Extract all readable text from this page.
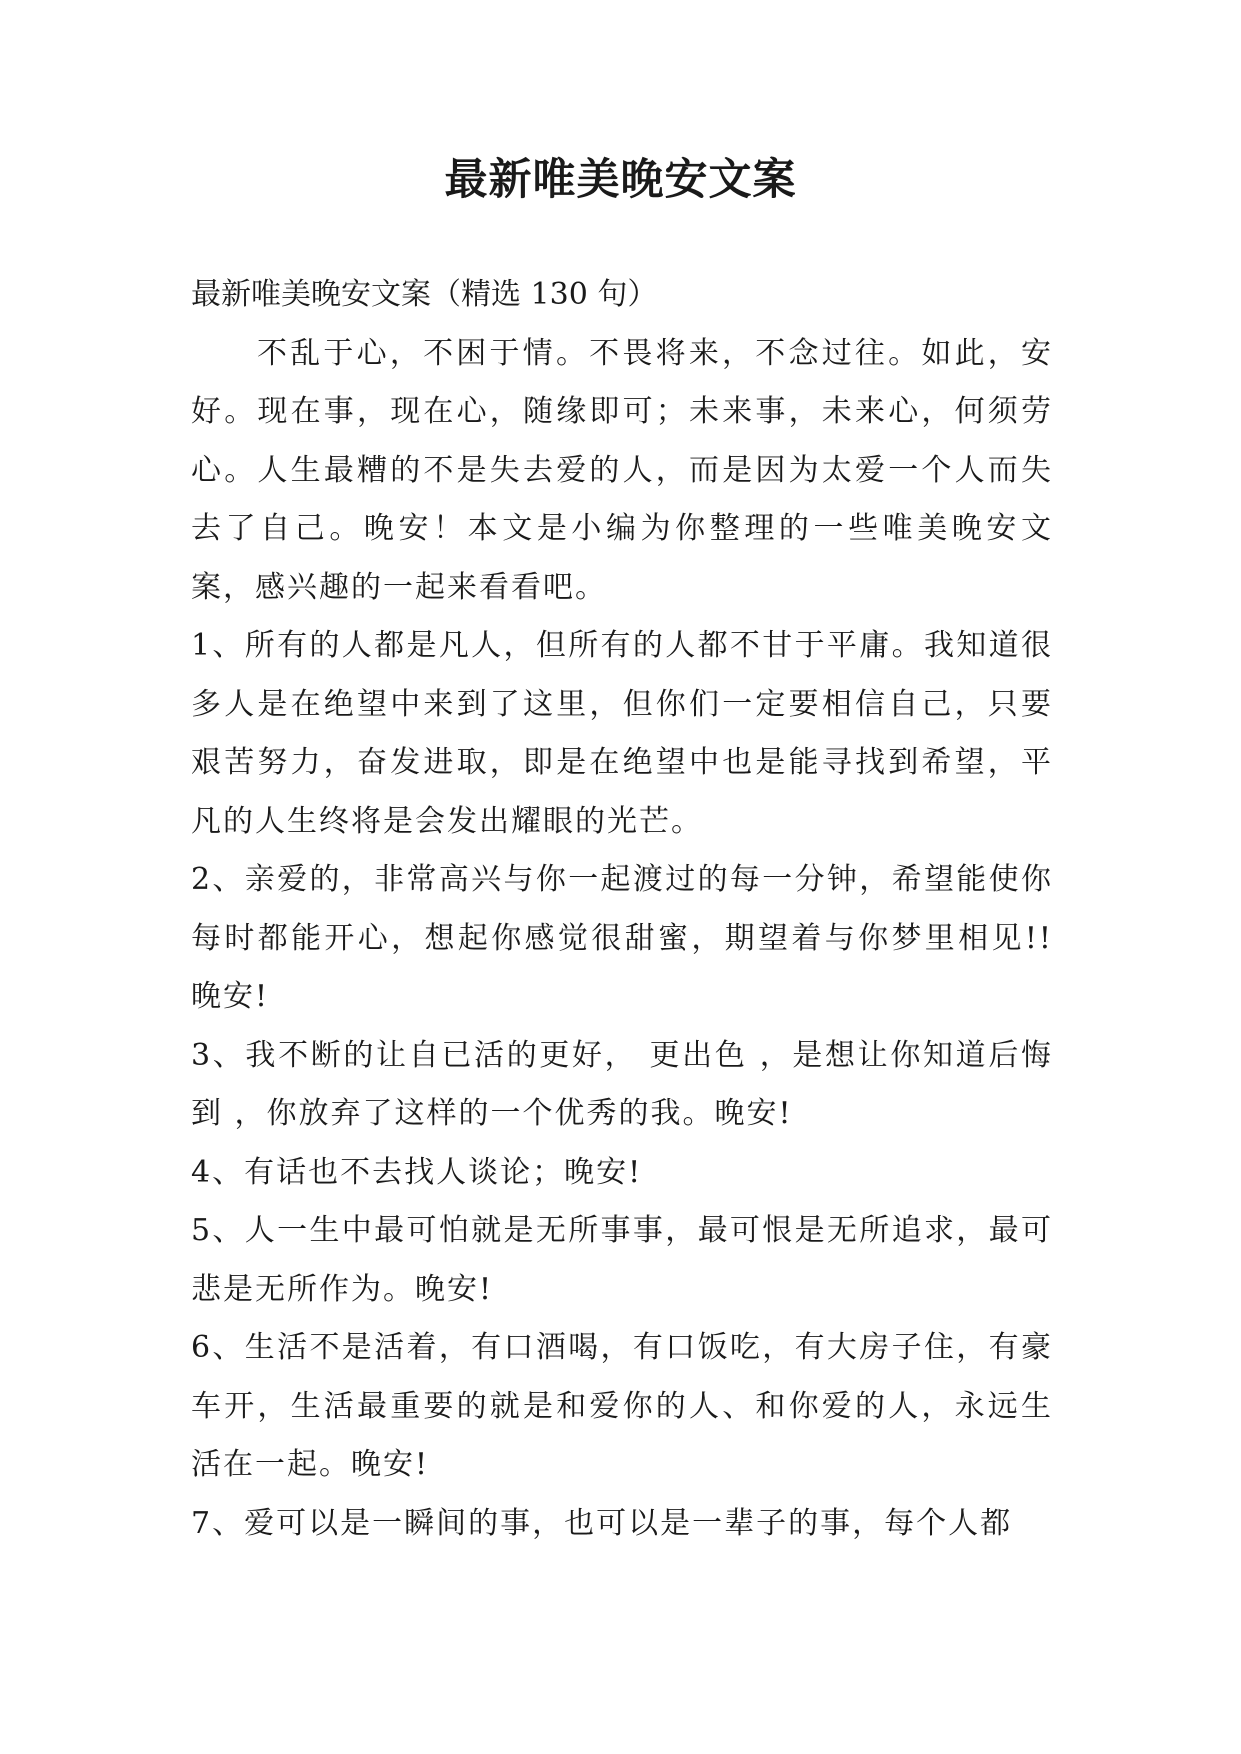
最新唯美晚安文案

最新唯美晚安文案（精选 130 句）

不乱于心，不困于情。不畏将来，不念过往。如此，安好。现在事，现在心，随缘即可；未来事，未来心，何须劳心。人生最糟的不是失去爱的人，而是因为太爱一个人而失去了自己。晚安！本文是小编为你整理的一些唯美晚安文案，感兴趣的一起来看看吧。

1、所有的人都是凡人，但所有的人都不甘于平庸。我知道很多人是在绝望中来到了这里，但你们一定要相信自己，只要艰苦努力，奋发进取，即是在绝望中也是能寻找到希望，平凡的人生终将是会发出耀眼的光芒。

2、亲爱的，非常高兴与你一起渡过的每一分钟，希望能使你每时都能开心，想起你感觉很甜蜜，期望着与你梦里相见!! 晚安!

3、我不断的让自已活的更好， 更出色 ，是想让你知道后悔到 ，你放弃了这样的一个优秀的我。晚安!

4、有话也不去找人谈论；晚安!

5、人一生中最可怕就是无所事事，最可恨是无所追求，最可悲是无所作为。晚安!

6、生活不是活着，有口酒喝，有口饭吃，有大房子住，有豪车开，生活最重要的就是和爱你的人、和你爱的人，永远生活在一起。晚安!

7、爱可以是一瞬间的事，也可以是一辈子的事，每个人都
